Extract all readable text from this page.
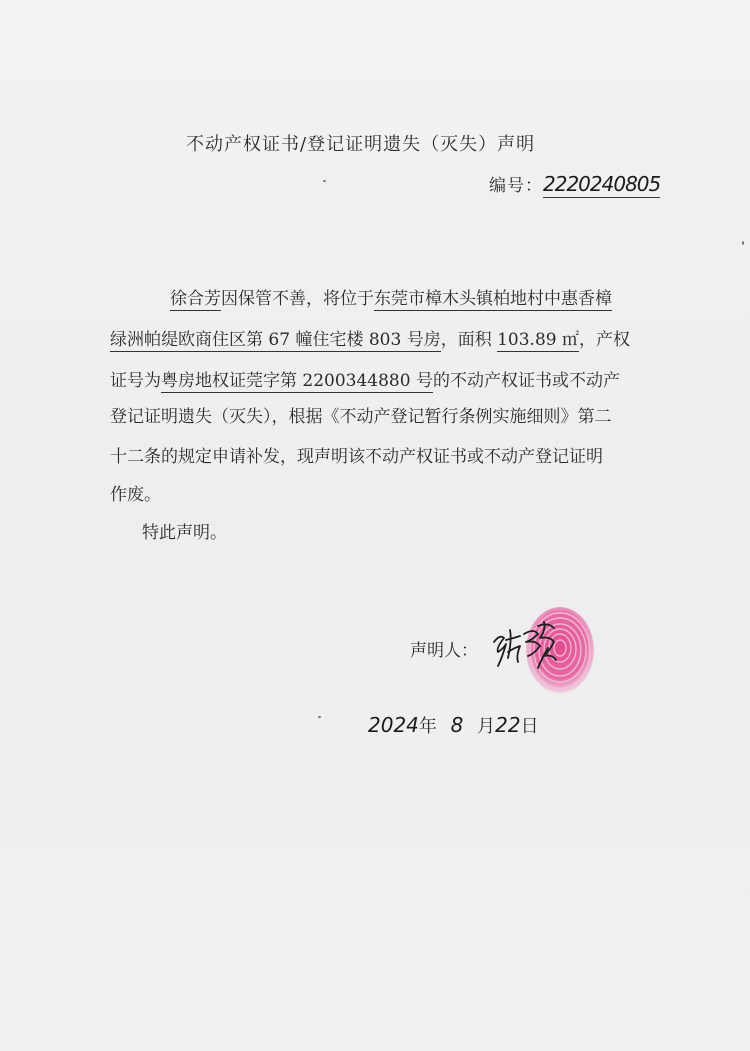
不动产权证书/登记证明遗失（灭失）声明
编号：2220240805
徐合芳因保管不善，将位于东莞市樟木头镇柏地村中惠香樟
绿洲帕缇欧商住区第 67 幢住宅楼 803 号房，面积 103.89 ㎡，产权
证号为粤房地权证莞字第 2200344880 号的不动产权证书或不动产
登记证明遗失（灭失），根据《不动产登记暂行条例实施细则》第二
十二条的规定申请补发，现声明该不动产权证书或不动产登记证明
作废。
特此声明。
声明人：
2024年 8 月22日
